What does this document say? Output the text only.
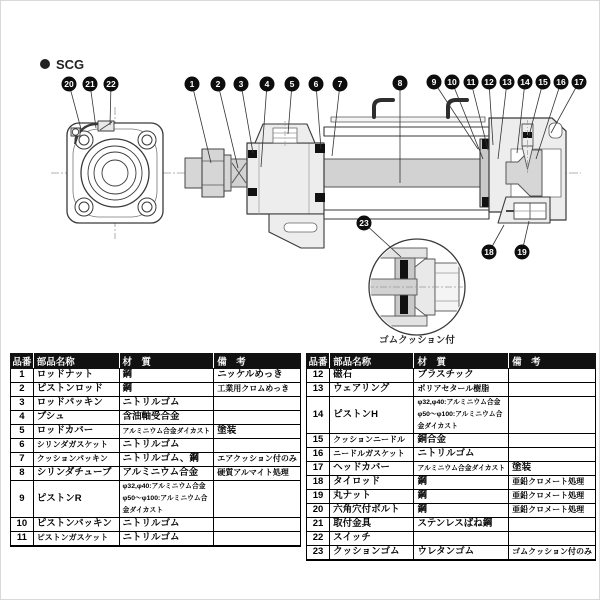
SCG
ゴムクッション付
1	2 3	4 5 6 7	8	9 10 11 12 13 14 15 16 17
18	19
20 21 22
23
品番	部品名称	材　質	備　考
1	ロッドナット	鋼	ニッケルめっき
2	ピストンロッド	鋼	工業用クロムめっき
3	ロッドパッキン	ニトリルゴム	
4	ブシュ	含油軸受合金	
5	ロッドカバー	アルミニウム合金ダイカスト	塗装
6	シリンダガスケット	ニトリルゴム	
7	クッションパッキン	ニトリルゴム、鋼	エアクッション付のみ
8	シリンダチューブ	アルミニウム合金	硬質アルマイト処理
9	ピストンR	φ32,φ40:アルミニウム合金
φ50〜φ100:アルミニウム合金ダイカスト	

10	ピストンパッキン	ニトリルゴム	
11	ピストンガスケット	ニトリルゴム	
品番	部品名称	材　質	備　考
12	磁石	プラスチック	
13	ウェアリング	ポリアセタール樹脂	
14	ピストンH	φ32,φ40:アルミニウム合金
φ50〜φ100:アルミニウム合金ダイカスト	

15	クッションニードル	銅合金	
16	ニードルガスケット	ニトリルゴム	
17	ヘッドカバー	アルミニウム合金ダイカスト	塗装
18	タイロッド	鋼	亜鉛クロメート処理
19	丸ナット	鋼	亜鉛クロメート処理
20	六角穴付ボルト	鋼	亜鉛クロメート処理
21	取付金具	ステンレスばね鋼	
22	スイッチ		
23	クッションゴム	ウレタンゴム	ゴムクッション付のみ
